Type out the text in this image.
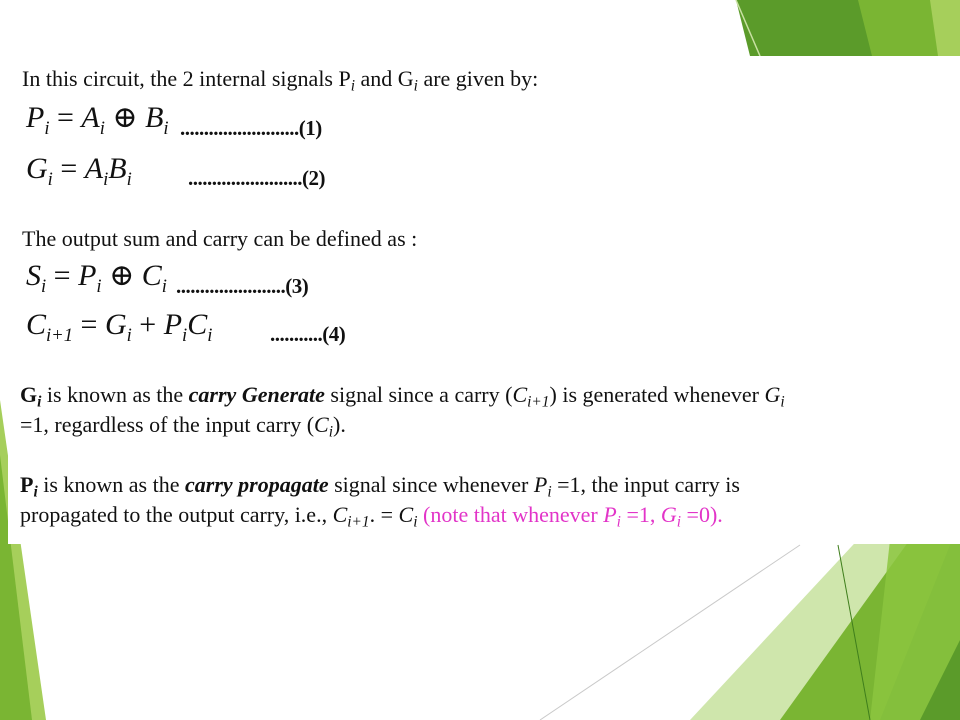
In this circuit, the 2 internal signals $P_i$ and $G_i$ are given by:
$P_i = A_i$ ⊕ $B_i$ .........................(1)
$G_i = A_iB_i$	........................(2)
The output sum and carry can be defined as :
$S_i = P_i$ ⊕ $C_i$ .......................(3)
$C_{i+1} = G_i + P_iC_i$	...........(4)
$G_i$ is known as the carry Generate signal since a carry $(C_{i+1})$ is generated whenever $G_i$
=1, regardless of the input carry $(C_i)$.
$P_i$ is known as the carry propagate signal since whenever $P_i =1$, the input carry is
propagated to the output carry, i.e., $C_{i+1}$. = $C_i$ (note that whenever $P_i =1$, $G_i =0$).
